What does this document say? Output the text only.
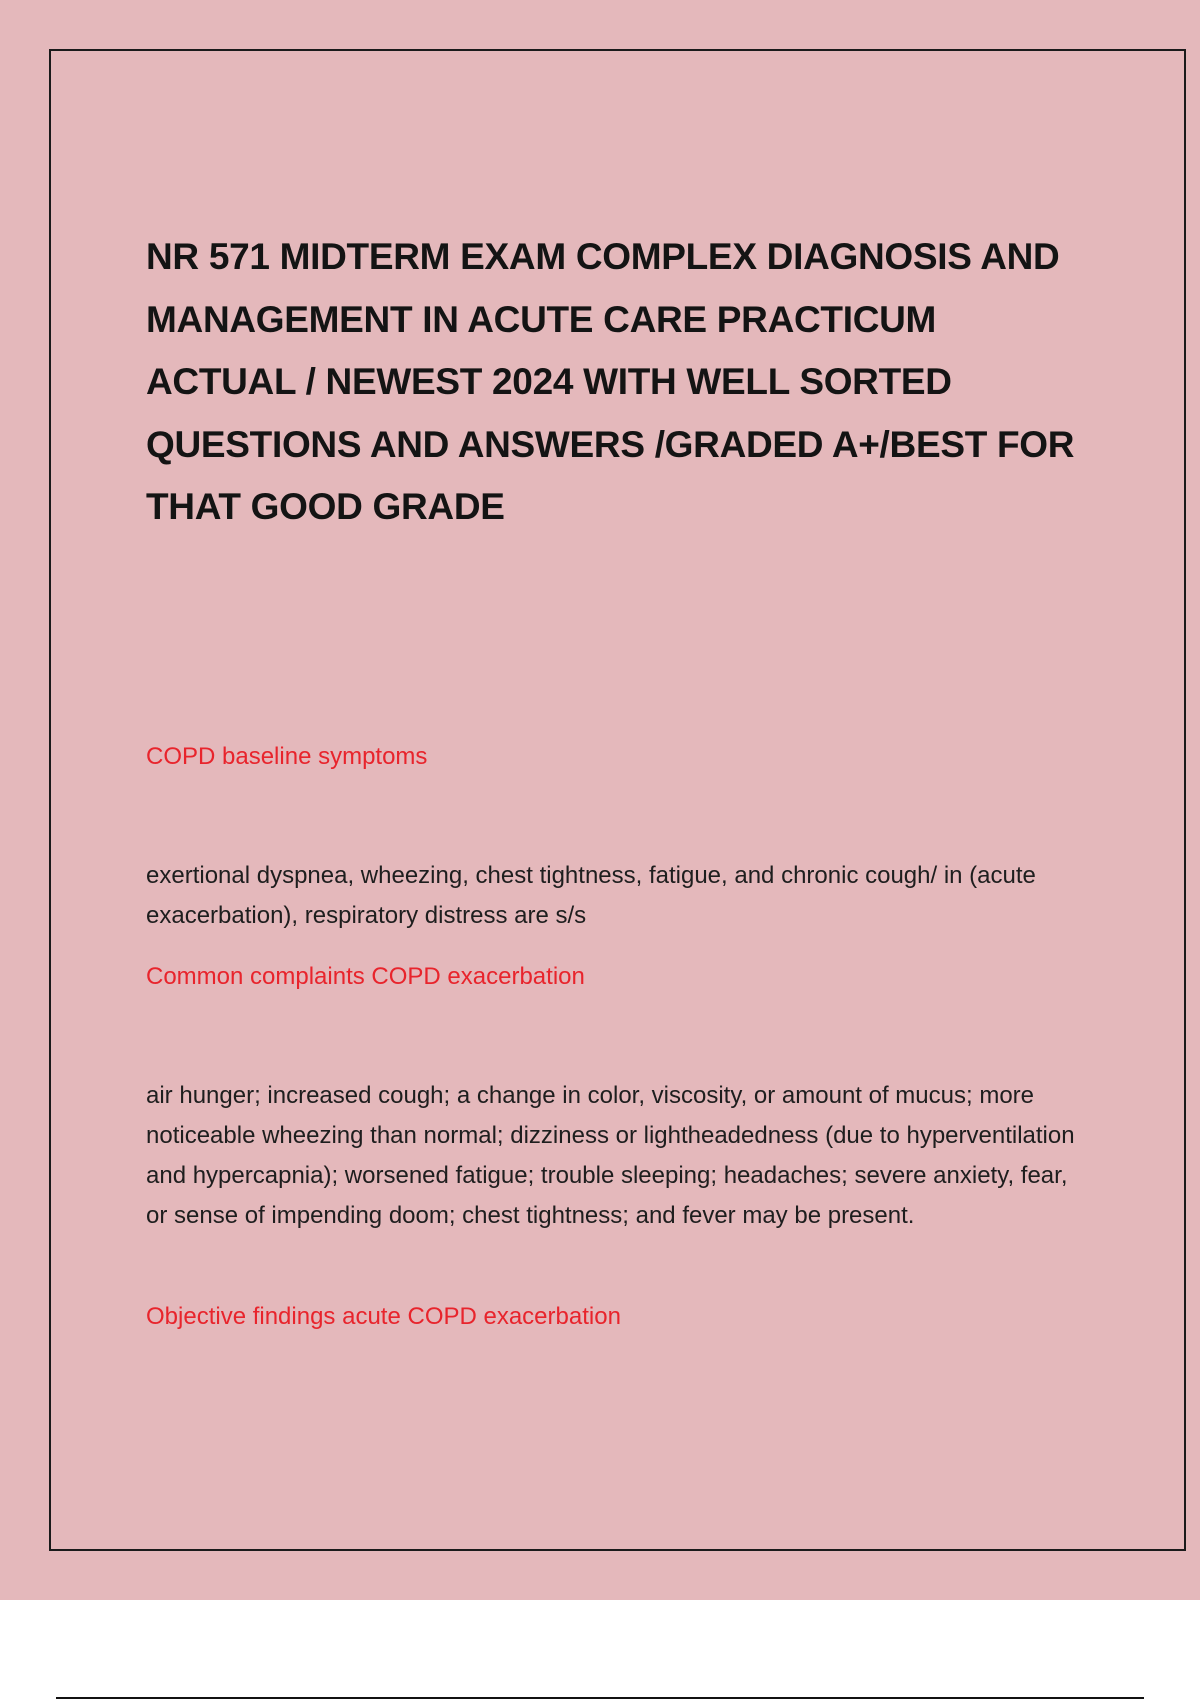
NR 571 MIDTERM EXAM COMPLEX DIAGNOSIS AND MANAGEMENT IN ACUTE CARE PRACTICUM ACTUAL / NEWEST 2024 WITH WELL SORTED QUESTIONS AND ANSWERS /GRADED A+/BEST FOR THAT GOOD GRADE

COPD baseline symptoms

exertional dyspnea, wheezing, chest tightness, fatigue, and chronic cough/ in (acute exacerbation), respiratory distress are s/s

Common complaints COPD exacerbation

air hunger; increased cough; a change in color, viscosity, or amount of mucus; more noticeable wheezing than normal; dizziness or lightheadedness (due to hyperventilation and hypercapnia); worsened fatigue; trouble sleeping; headaches; severe anxiety, fear, or sense of impending doom; chest tightness; and fever may be present.

Objective findings acute COPD exacerbation
